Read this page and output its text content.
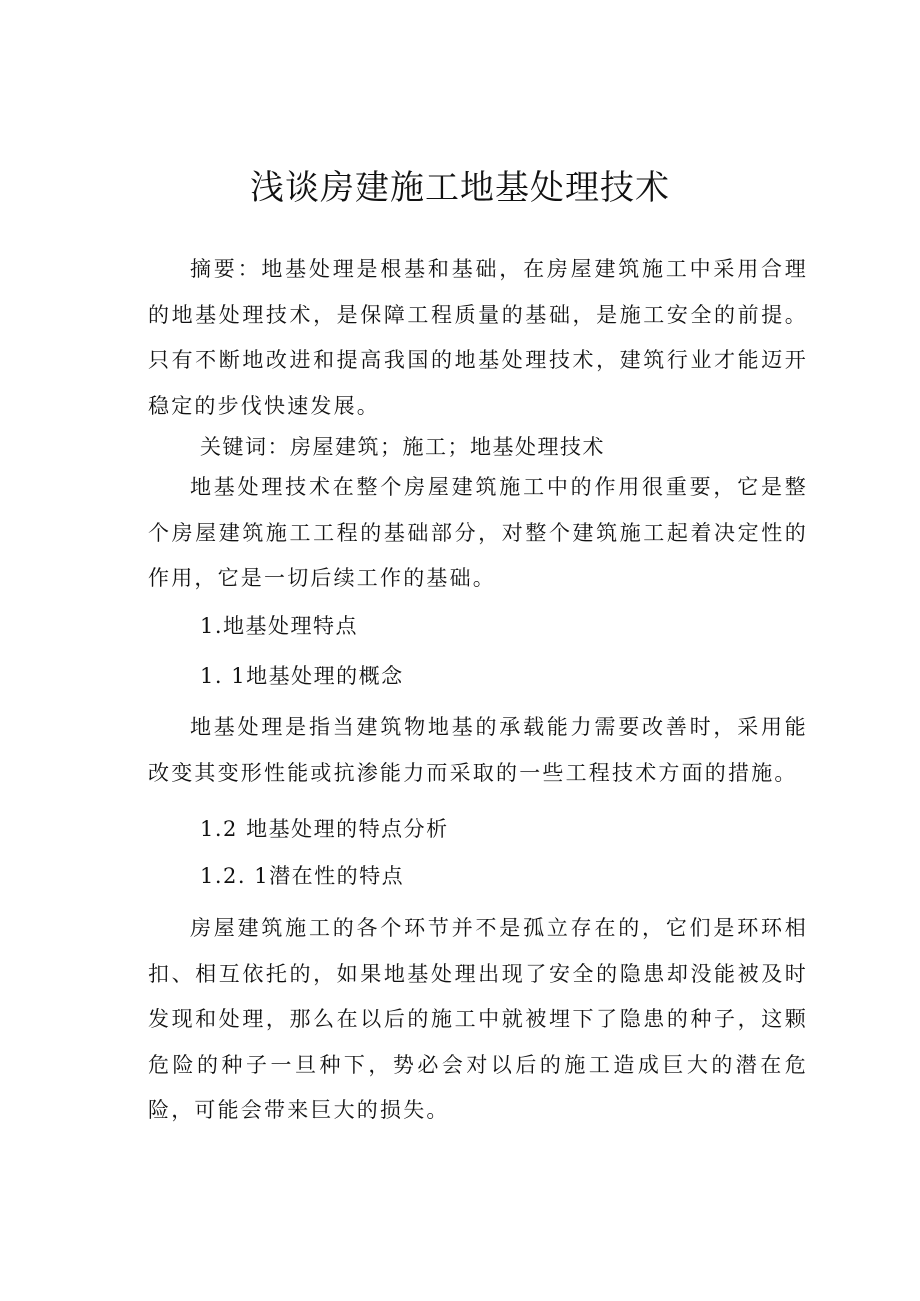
浅谈房建施工地基处理技术

摘要：地基处理是根基和基础，在房屋建筑施工中采用合理的地基处理技术，是保障工程质量的基础，是施工安全的前提。只有不断地改进和提高我国的地基处理技术，建筑行业才能迈开稳定的步伐快速发展。

关键词：房屋建筑；施工；地基处理技术

地基处理技术在整个房屋建筑施工中的作用很重要，它是整个房屋建筑施工工程的基础部分，对整个建筑施工起着决定性的作用，它是一切后续工作的基础。

1.地基处理特点

1. 1地基处理的概念

地基处理是指当建筑物地基的承载能力需要改善时，采用能改变其变形性能或抗渗能力而采取的一些工程技术方面的措施。

1.2 地基处理的特点分析

1.2. 1潜在性的特点

房屋建筑施工的各个环节并不是孤立存在的，它们是环环相扣、相互依托的，如果地基处理出现了安全的隐患却没能被及时发现和处理，那么在以后的施工中就被埋下了隐患的种子，这颗危险的种子一旦种下，势必会对以后的施工造成巨大的潜在危险，可能会带来巨大的损失。
